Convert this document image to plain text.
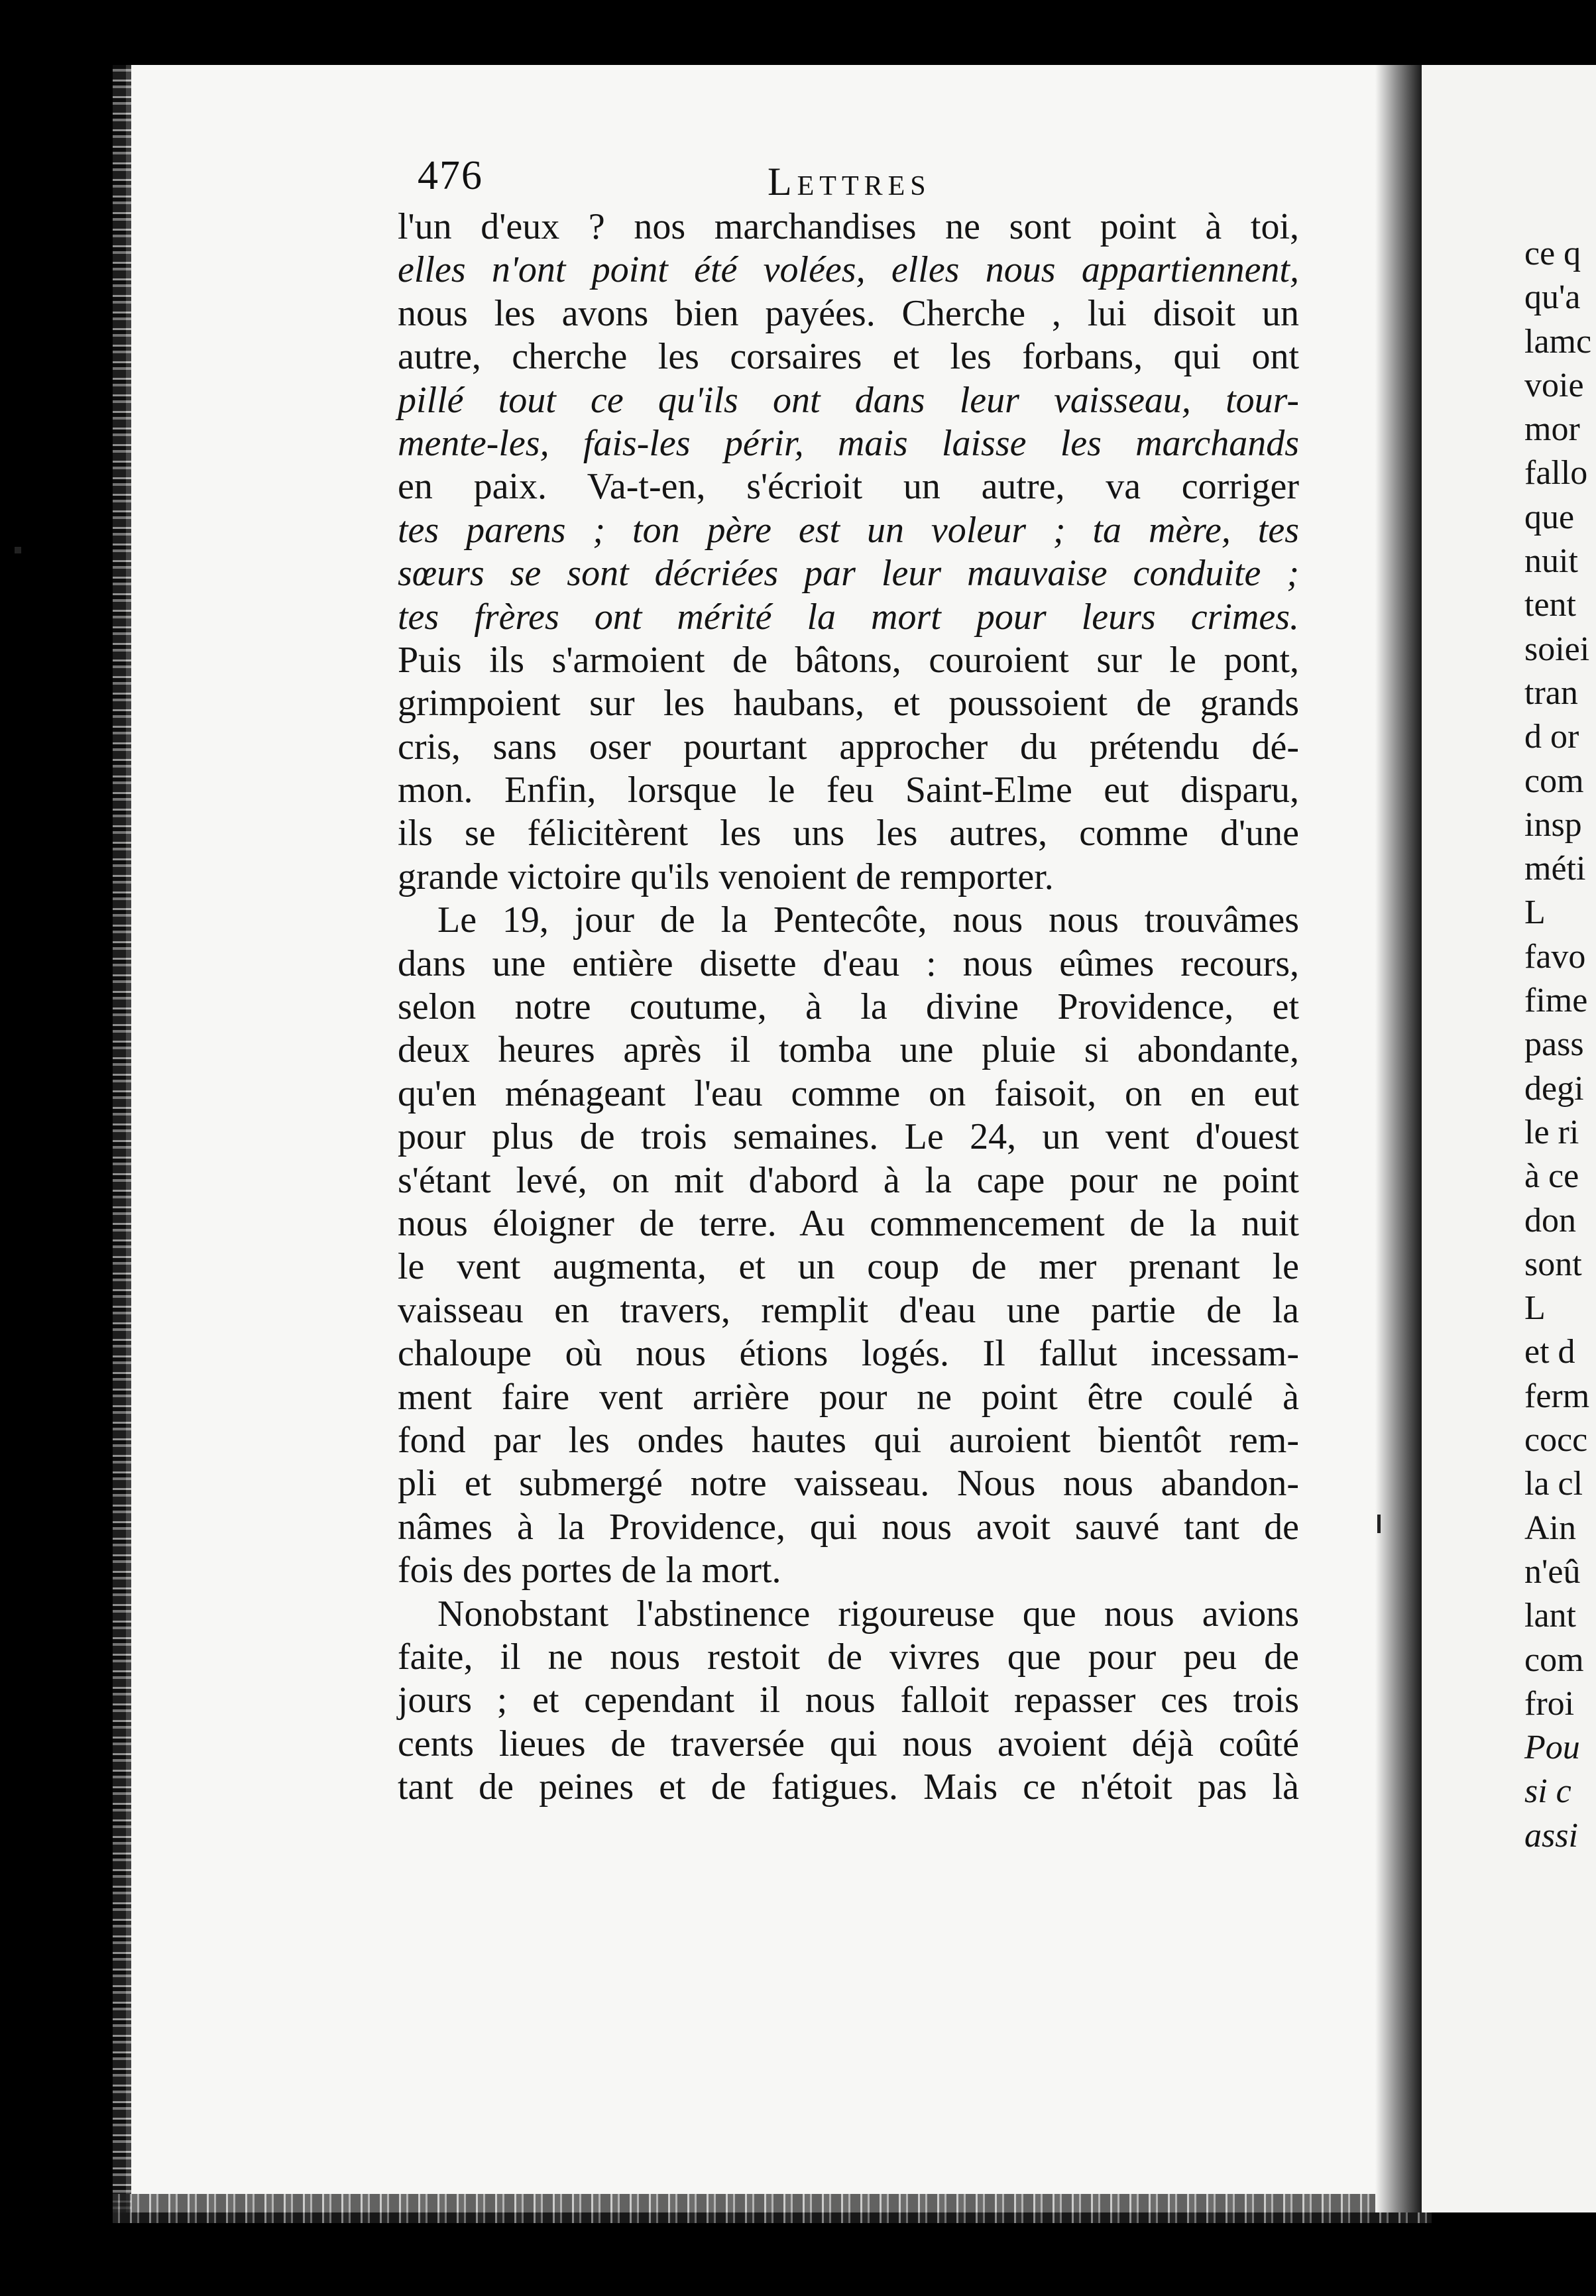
476	Lettres
l'un d'eux ? nos marchandises ne sont point à toi,
elles n'ont point été volées, elles nous appartiennent,
nous les avons bien payées. Cherche , lui disoit un
autre, cherche les corsaires et les forbans, qui ont
pillé tout ce qu'ils ont dans leur vaisseau, tour-
mente-les, fais-les périr, mais laisse les marchands
en paix. Va-t-en, s'écrioit un autre, va corriger
tes parens ; ton père est un voleur ; ta mère, tes
sœurs se sont décriées par leur mauvaise conduite ;
tes frères ont mérité la mort pour leurs crimes.
Puis ils s'armoient de bâtons, couroient sur le pont,
grimpoient sur les haubans, et poussoient de grands
cris, sans oser pourtant approcher du prétendu dé-
mon. Enfin, lorsque le feu Saint-Elme eut disparu,
ils se félicitèrent les uns les autres, comme d'une
grande victoire qu'ils venoient de remporter.
Le 19, jour de la Pentecôte, nous nous trouvâmes
dans une entière disette d'eau : nous eûmes recours,
selon notre coutume, à la divine Providence, et
deux heures après il tomba une pluie si abondante,
qu'en ménageant l'eau comme on faisoit, on en eut
pour plus de trois semaines. Le 24, un vent d'ouest
s'étant levé, on mit d'abord à la cape pour ne point
nous éloigner de terre. Au commencement de la nuit
le vent augmenta, et un coup de mer prenant le
vaisseau en travers, remplit d'eau une partie de la
chaloupe où nous étions logés. Il fallut incessam-
ment faire vent arrière pour ne point être coulé à
fond par les ondes hautes qui auroient bientôt rem-
pli et submergé notre vaisseau. Nous nous abandon-
nâmes à la Providence, qui nous avoit sauvé tant de
fois des portes de la mort.
Nonobstant l'abstinence rigoureuse que nous avions
faite, il ne nous restoit de vivres que pour peu de
jours ; et cependant il nous falloit repasser ces trois
cents lieues de traversée qui nous avoient déjà coûté
tant de peines et de fatigues. Mais ce n'étoit pas là
ce q
qu'a
lamc
voie
mor
fallo
que
nuit
tent
soiei
tran
d or
com
insp
méti
L
favo
fime
pass
degi
le ri
à ce
don
sont
L
et d
ferm
cocc
la cl
Ain
n'eû
lant
com
froi
Pou
si c
assi
